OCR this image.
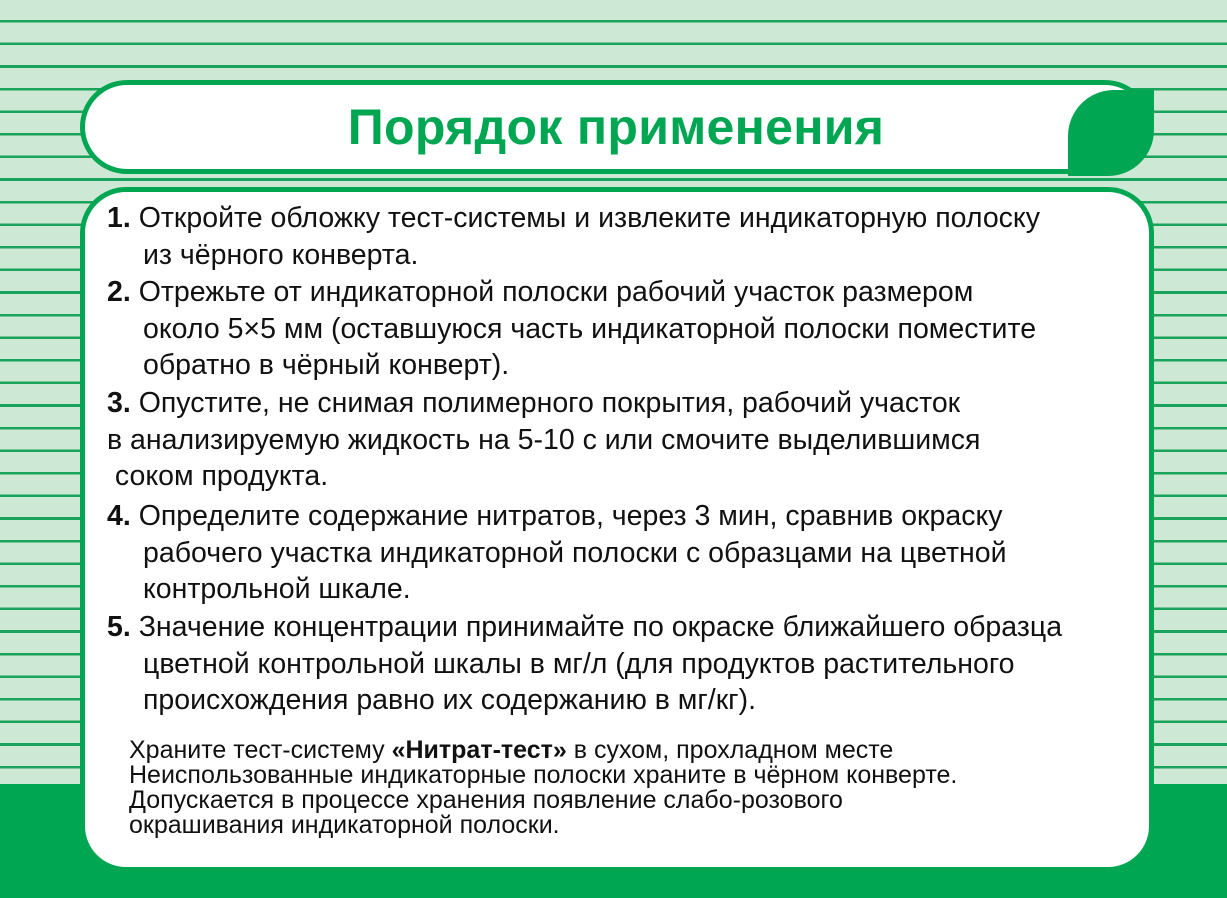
Порядок применения

1. Откройте обложку тест-системы и извлеките индикаторную полоску
из чёрного конверта.

2. Отрежьте от индикаторной полоски рабочий участок размером
около 5×5 мм (оставшуюся часть индикаторной полоски поместите
обратно в чёрный конверт).

3. Опустите, не снимая полимерного покрытия, рабочий участок
в анализируемую жидкость на 5-10 с или смочите выделившимся
соком продукта.

4. Определите содержание нитратов, через 3 мин, сравнив окраску
рабочего участка индикаторной полоски с образцами на цветной
контрольной шкале.

5. Значение концентрации принимайте по окраске ближайшего образца
цветной контрольной шкалы в мг/л (для продуктов растительного
происхождения равно их содержанию в мг/кг).

Храните тест-систему «Нитрат-тест» в сухом, прохладном месте
Неиспользованные индикаторные полоски храните в чёрном конверте.
Допускается в процессе хранения появление слабо-розового
окрашивания индикаторной полоски.
